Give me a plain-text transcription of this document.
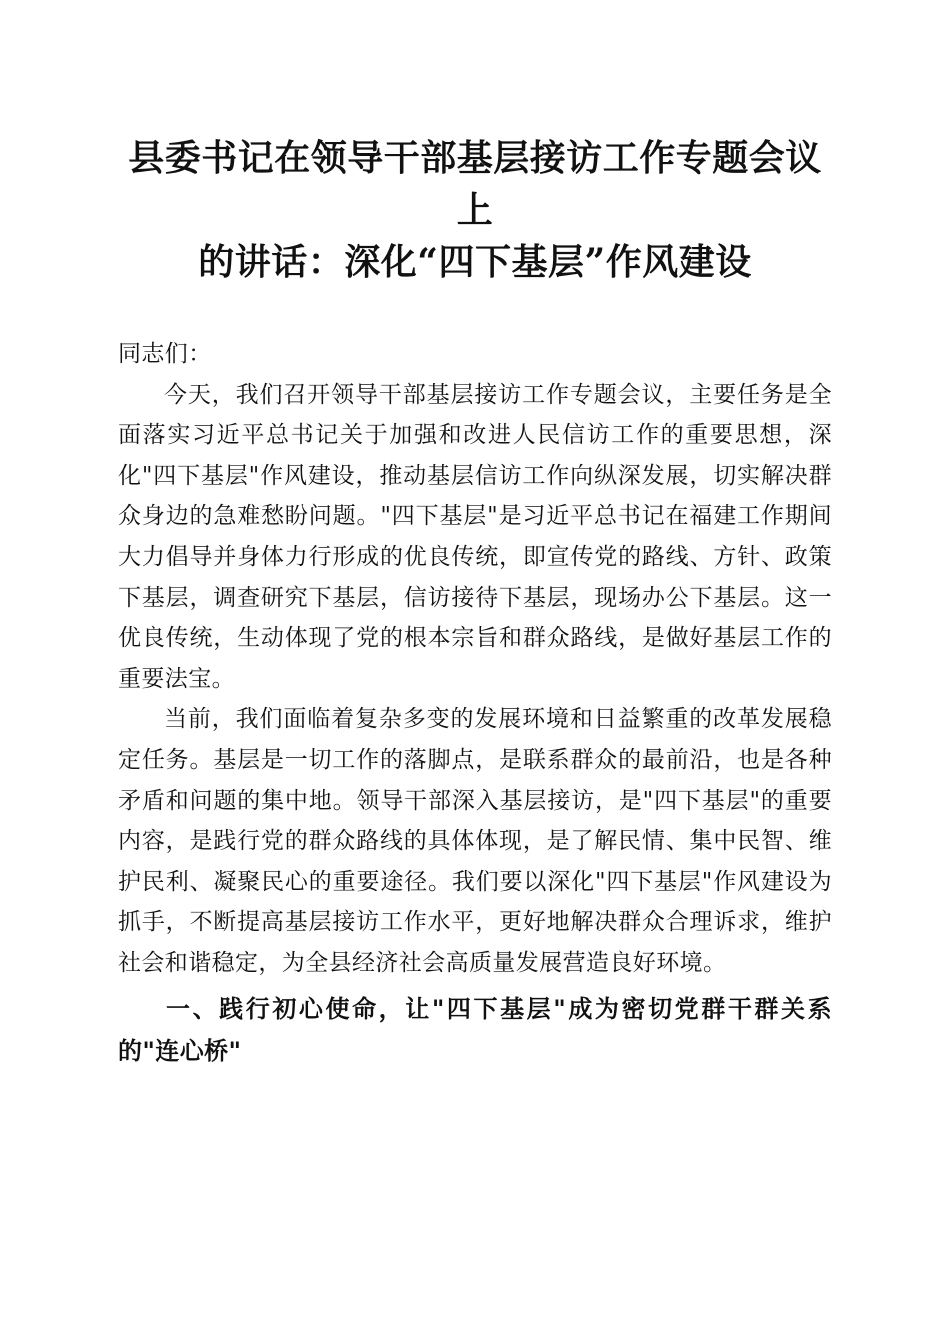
县委书记在领导干部基层接访工作专题会议上
的讲话：深化“四下基层”作风建设

同志们：

今天，我们召开领导干部基层接访工作专题会议，主要任务是全面落实习近平总书记关于加强和改进人民信访工作的重要思想，深化"四下基层"作风建设，推动基层信访工作向纵深发展，切实解决群众身边的急难愁盼问题。"四下基层"是习近平总书记在福建工作期间大力倡导并身体力行形成的优良传统，即宣传党的路线、方针、政策下基层，调查研究下基层，信访接待下基层，现场办公下基层。这一优良传统，生动体现了党的根本宗旨和群众路线，是做好基层工作的重要法宝。

当前，我们面临着复杂多变的发展环境和日益繁重的改革发展稳定任务。基层是一切工作的落脚点，是联系群众的最前沿，也是各种矛盾和问题的集中地。领导干部深入基层接访，是"四下基层"的重要内容，是践行党的群众路线的具体体现，是了解民情、集中民智、维护民利、凝聚民心的重要途径。我们要以深化"四下基层"作风建设为抓手，不断提高基层接访工作水平，更好地解决群众合理诉求，维护社会和谐稳定，为全县经济社会高质量发展营造良好环境。

一、践行初心使命，让"四下基层"成为密切党群干群关系的"连心桥"
